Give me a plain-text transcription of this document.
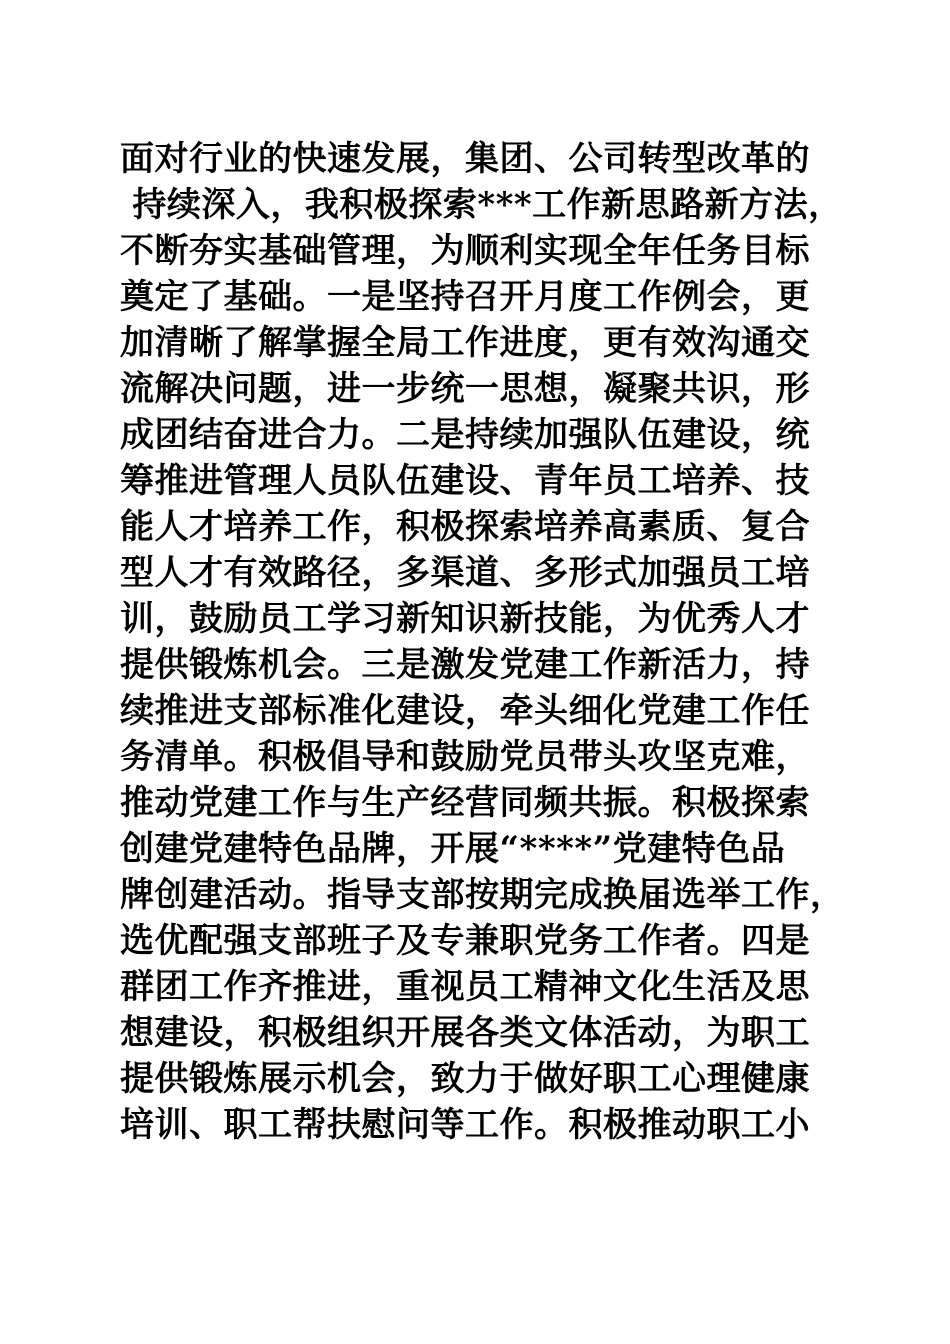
面对行业的快速发展，集团、公司转型改革的
持续深入，我积极探索***工作新思路新方法，
不断夯实基础管理，为顺利实现全年任务目标
奠定了基础。一是坚持召开月度工作例会，更
加清晰了解掌握全局工作进度，更有效沟通交
流解决问题，进一步统一思想，凝聚共识，形
成团结奋进合力。二是持续加强队伍建设，统
筹推进管理人员队伍建设、青年员工培养、技
能人才培养工作，积极探索培养高素质、复合
型人才有效路径，多渠道、多形式加强员工培
训，鼓励员工学习新知识新技能，为优秀人才
提供锻炼机会。三是激发党建工作新活力，持
续推进支部标准化建设，牵头细化党建工作任
务清单。积极倡导和鼓励党员带头攻坚克难，
推动党建工作与生产经营同频共振。积极探索
创建党建特色品牌，开展“****”党建特色品
牌创建活动。指导支部按期完成换届选举工作，
选优配强支部班子及专兼职党务工作者。四是
群团工作齐推进，重视员工精神文化生活及思
想建设，积极组织开展各类文体活动，为职工
提供锻炼展示机会，致力于做好职工心理健康
培训、职工帮扶慰问等工作。积极推动职工小
